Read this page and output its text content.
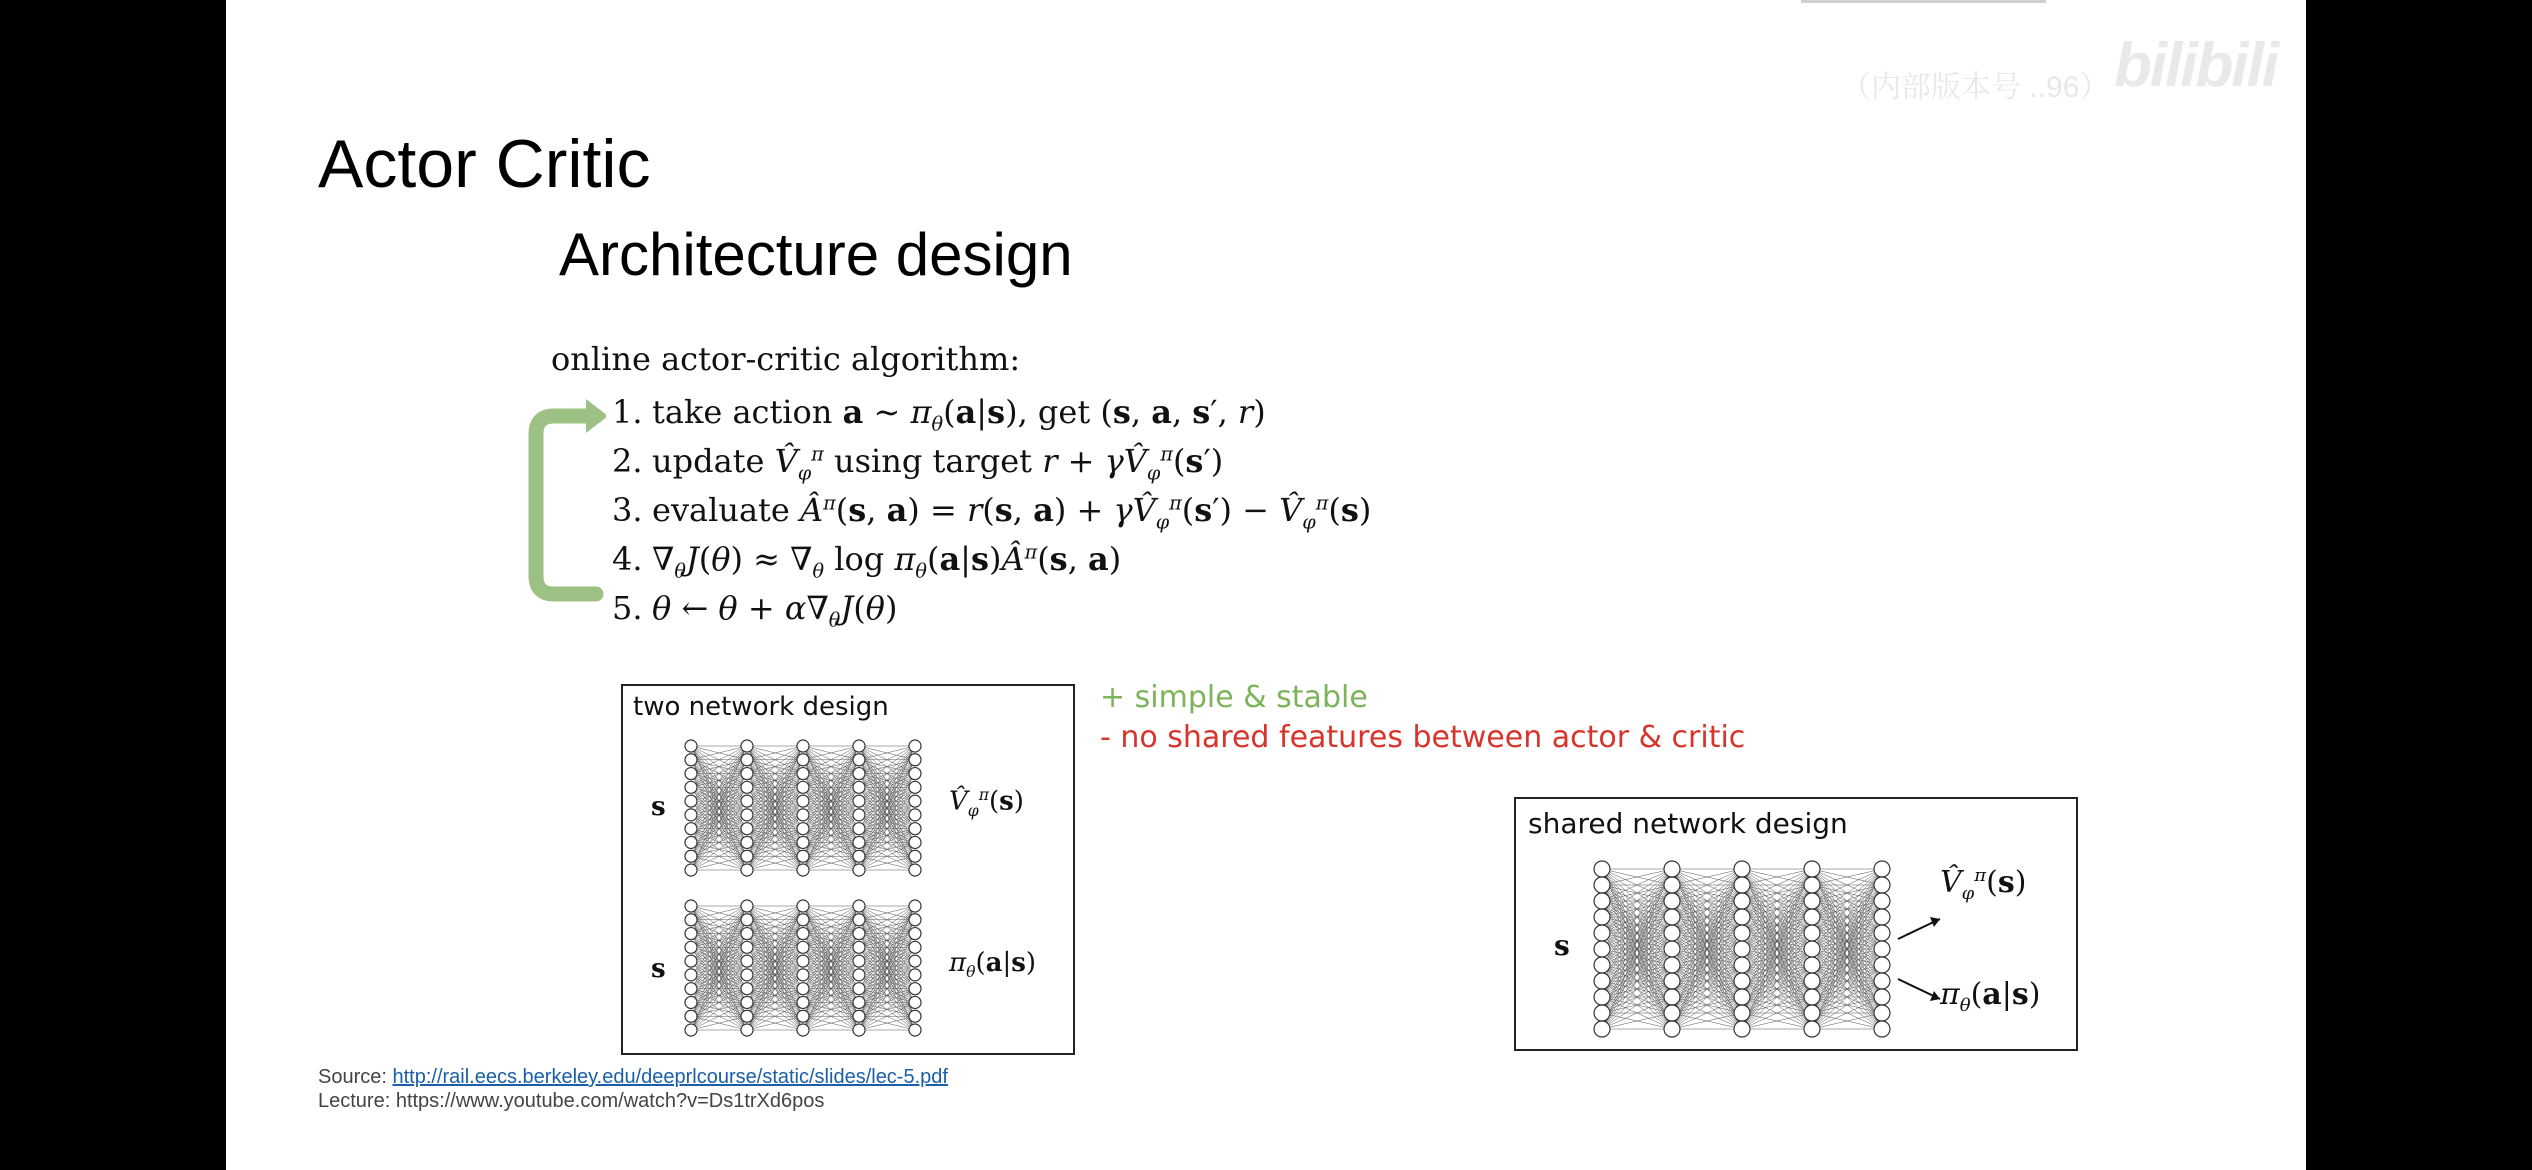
（内部版本号 ..96） bilibili
Actor Critic
Architecture design
online actor-critic algorithm:
1. take action a ∼ $\pi_\theta(a|s)$, get (s, a, s′, r)
2. update $V̂_\varphi^\pi$ using target $r + \gamma V̂_\varphi^\pi(s')$
3. evaluate $Â^\pi(s$, a) = r(s, $a) + \gamma V̂_\varphi^\pi(s')$ − $V̂_\varphi^\pi(s)$
4. $\nabla_\theta J(\theta) \approx \nabla_\theta$ $\log \pi_\theta(a|s)Â^\pi(s$, a)
5. θ ← $\theta + \alpha\nabla_\theta J(\theta)$
two network design
s
s
$V̂_\varphi^\pi(s)$
$\pi_\theta(a|s)$
+ simple & stable
- no shared features between actor & critic
shared network design
s
$V̂_\varphi^\pi(s)$
$\pi_\theta(a|s)$
Source: http://rail.eecs.berkeley.edu/deeprlcourse/static/slides/lec-5.pdf
Lecture: https://www.youtube.com/watch?v=Ds1trXd6pos
